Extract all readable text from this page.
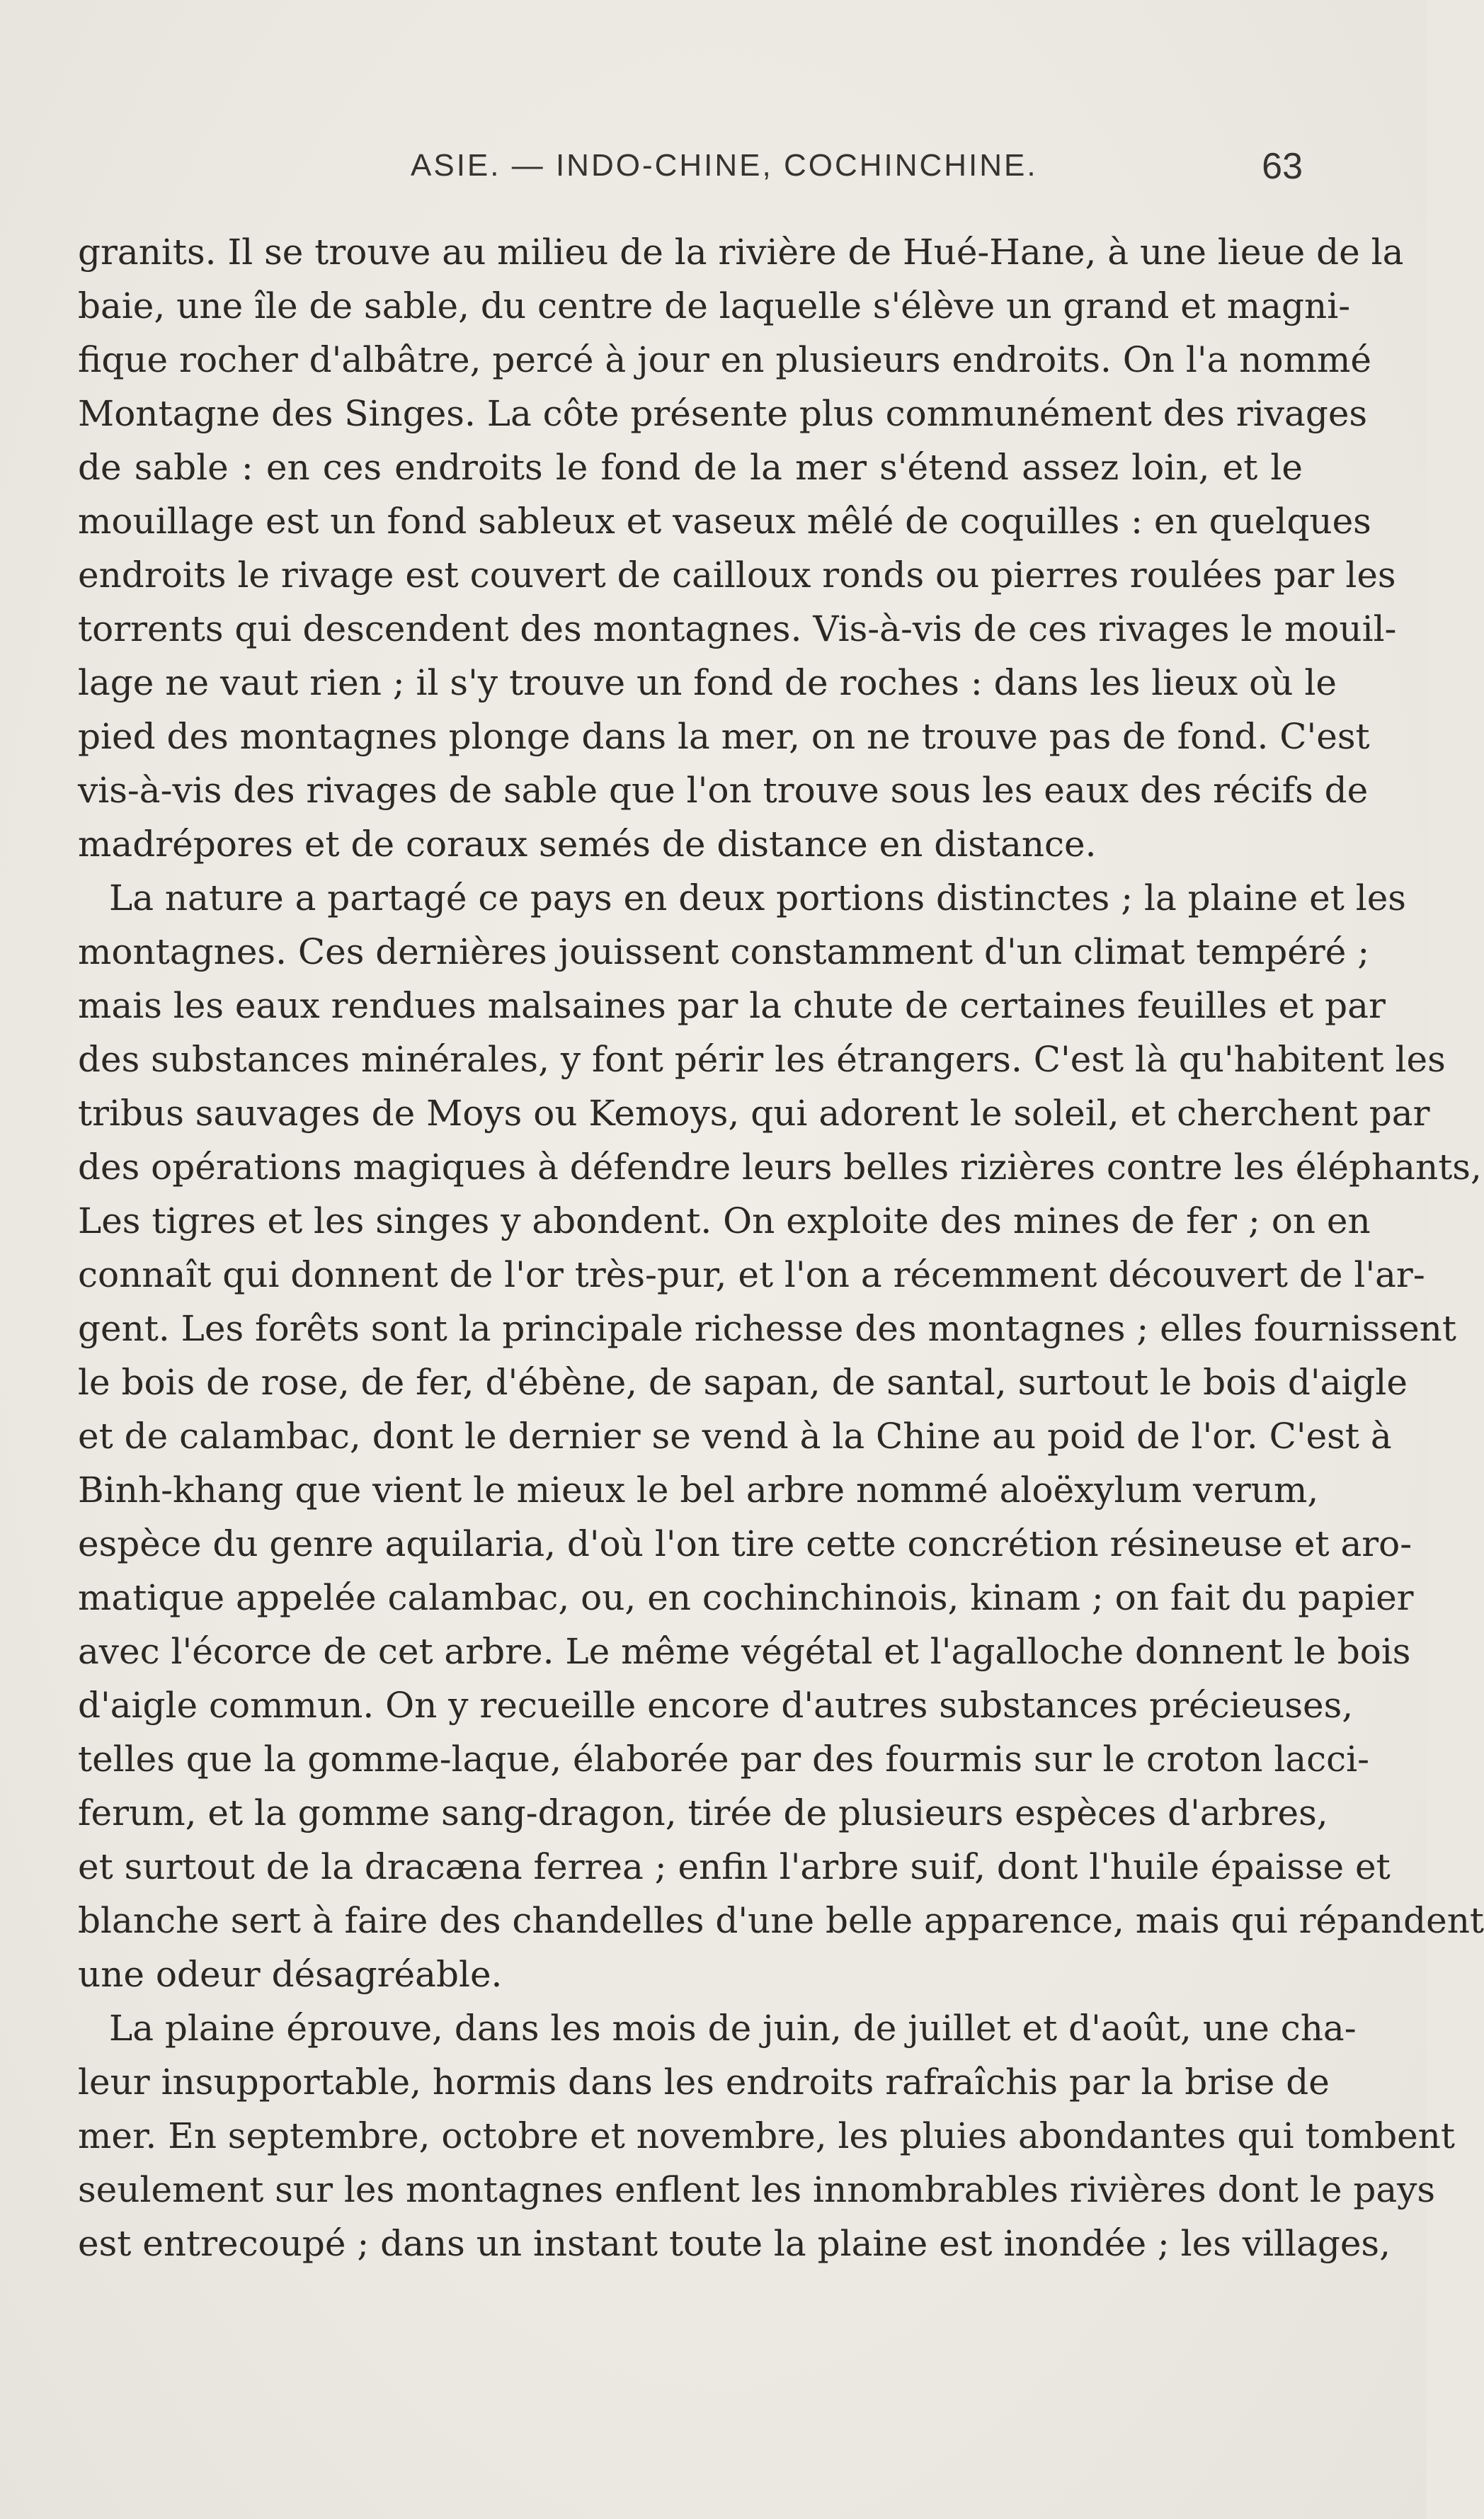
ASIE. — INDO-CHINE, COCHINCHINE.	63
granits. Il se trouve au milieu de la rivière de Hué-Hane, à une lieue de la
baie, une île de sable, du centre de laquelle s'élève un grand et magni-
fique rocher d'albâtre, percé à jour en plusieurs endroits. On l'a nommé
Montagne des Singes. La côte présente plus communément des rivages
de sable : en ces endroits le fond de la mer s'étend assez loin, et le
mouillage est un fond sableux et vaseux mêlé de coquilles : en quelques
endroits le rivage est couvert de cailloux ronds ou pierres roulées par les
torrents qui descendent des montagnes. Vis-à-vis de ces rivages le mouil-
lage ne vaut rien ; il s'y trouve un fond de roches : dans les lieux où le
pied des montagnes plonge dans la mer, on ne trouve pas de fond. C'est
vis-à-vis des rivages de sable que l'on trouve sous les eaux des récifs de
madrépores et de coraux semés de distance en distance.
La nature a partagé ce pays en deux portions distinctes ; la plaine et les
montagnes. Ces dernières jouissent constamment d'un climat tempéré ;
mais les eaux rendues malsaines par la chute de certaines feuilles et par
des substances minérales, y font périr les étrangers. C'est là qu'habitent les
tribus sauvages de Moys ou Kemoys, qui adorent le soleil, et cherchent par
des opérations magiques à défendre leurs belles rizières contre les éléphants,
Les tigres et les singes y abondent. On exploite des mines de fer ; on en
connaît qui donnent de l'or très-pur, et l'on a récemment découvert de l'ar-
gent. Les forêts sont la principale richesse des montagnes ; elles fournissent
le bois de rose, de fer, d'ébène, de sapan, de santal, surtout le bois d'aigle
et de calambac, dont le dernier se vend à la Chine au poid de l'or. C'est à
Binh-khang que vient le mieux le bel arbre nommé aloëxylum verum,
espèce du genre aquilaria, d'où l'on tire cette concrétion résineuse et aro-
matique appelée calambac, ou, en cochinchinois, kinam ; on fait du papier
avec l'écorce de cet arbre. Le même végétal et l'agalloche donnent le bois
d'aigle commun. On y recueille encore d'autres substances précieuses,
telles que la gomme-laque, élaborée par des fourmis sur le croton lacci-
ferum, et la gomme sang-dragon, tirée de plusieurs espèces d'arbres,
et surtout de la dracæna ferrea ; enfin l'arbre suif, dont l'huile épaisse et
blanche sert à faire des chandelles d'une belle apparence, mais qui répandent
une odeur désagréable.
La plaine éprouve, dans les mois de juin, de juillet et d'août, une cha-
leur insupportable, hormis dans les endroits rafraîchis par la brise de
mer. En septembre, octobre et novembre, les pluies abondantes qui tombent
seulement sur les montagnes enflent les innombrables rivières dont le pays
est entrecoupé ; dans un instant toute la plaine est inondée ; les villages,
